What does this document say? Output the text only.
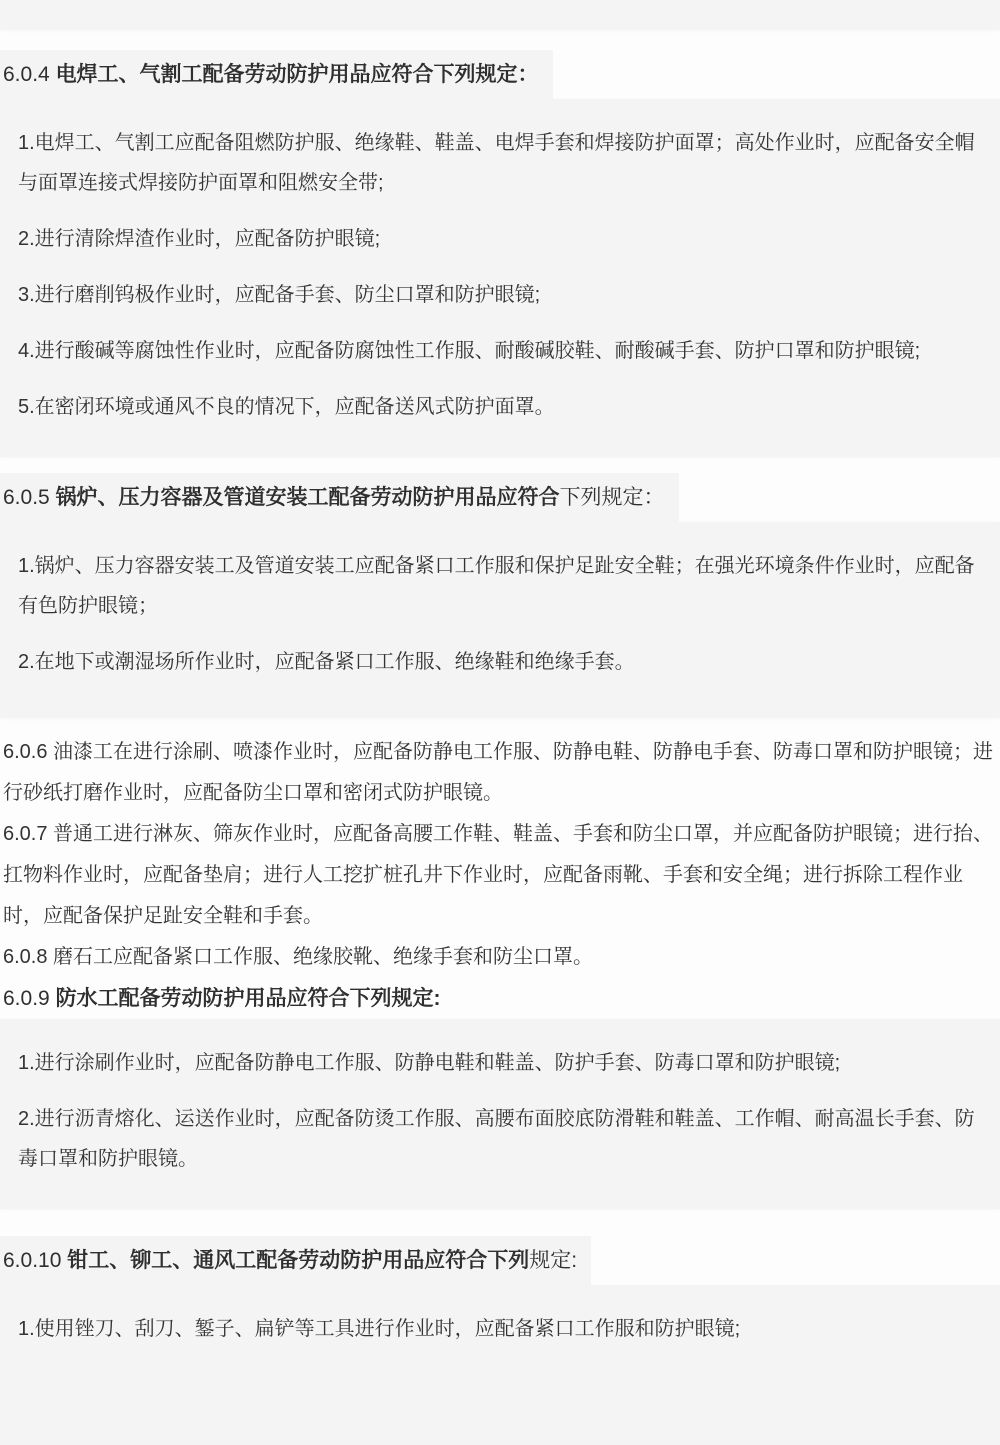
6.0.4 电焊工、气割工配备劳动防护用品应符合下列规定：

1.电焊工、气割工应配备阻燃防护服、绝缘鞋、鞋盖、电焊手套和焊接防护面罩；高处作业时，应配备安全帽与面罩连接式焊接防护面罩和阻燃安全带;

2.进行清除焊渣作业时，应配备防护眼镜;

3.进行磨削钨极作业时，应配备手套、防尘口罩和防护眼镜;

4.进行酸碱等腐蚀性作业时，应配备防腐蚀性工作服、耐酸碱胶鞋、耐酸碱手套、防护口罩和防护眼镜;

5.在密闭环境或通风不良的情况下，应配备送风式防护面罩。

6.0.5 锅炉、压力容器及管道安装工配备劳动防护用品应符合下列规定：

1.锅炉、压力容器安装工及管道安装工应配备紧口工作服和保护足趾安全鞋；在强光环境条件作业时，应配备有色防护眼镜；

2.在地下或潮湿场所作业时，应配备紧口工作服、绝缘鞋和绝缘手套。

6.0.6 油漆工在进行涂刷、喷漆作业时，应配备防静电工作服、防静电鞋、防静电手套、防毒口罩和防护眼镜；进行砂纸打磨作业时，应配备防尘口罩和密闭式防护眼镜。

6.0.7 普通工进行淋灰、筛灰作业时，应配备高腰工作鞋、鞋盖、手套和防尘口罩，并应配备防护眼镜；进行抬、扛物料作业时，应配备垫肩；进行人工挖扩桩孔井下作业时，应配备雨靴、手套和安全绳；进行拆除工程作业时，应配备保护足趾安全鞋和手套。

6.0.8 磨石工应配备紧口工作服、绝缘胶靴、绝缘手套和防尘口罩。

6.0.9 防水工配备劳动防护用品应符合下列规定:

1.进行涂刷作业时，应配备防静电工作服、防静电鞋和鞋盖、防护手套、防毒口罩和防护眼镜;

2.进行沥青熔化、运送作业时，应配备防烫工作服、高腰布面胶底防滑鞋和鞋盖、工作帽、耐高温长手套、防毒口罩和防护眼镜。

6.0.10 钳工、铆工、通风工配备劳动防护用品应符合下列规定:

1.使用锉刀、刮刀、錾子、扁铲等工具进行作业时，应配备紧口工作服和防护眼镜;
